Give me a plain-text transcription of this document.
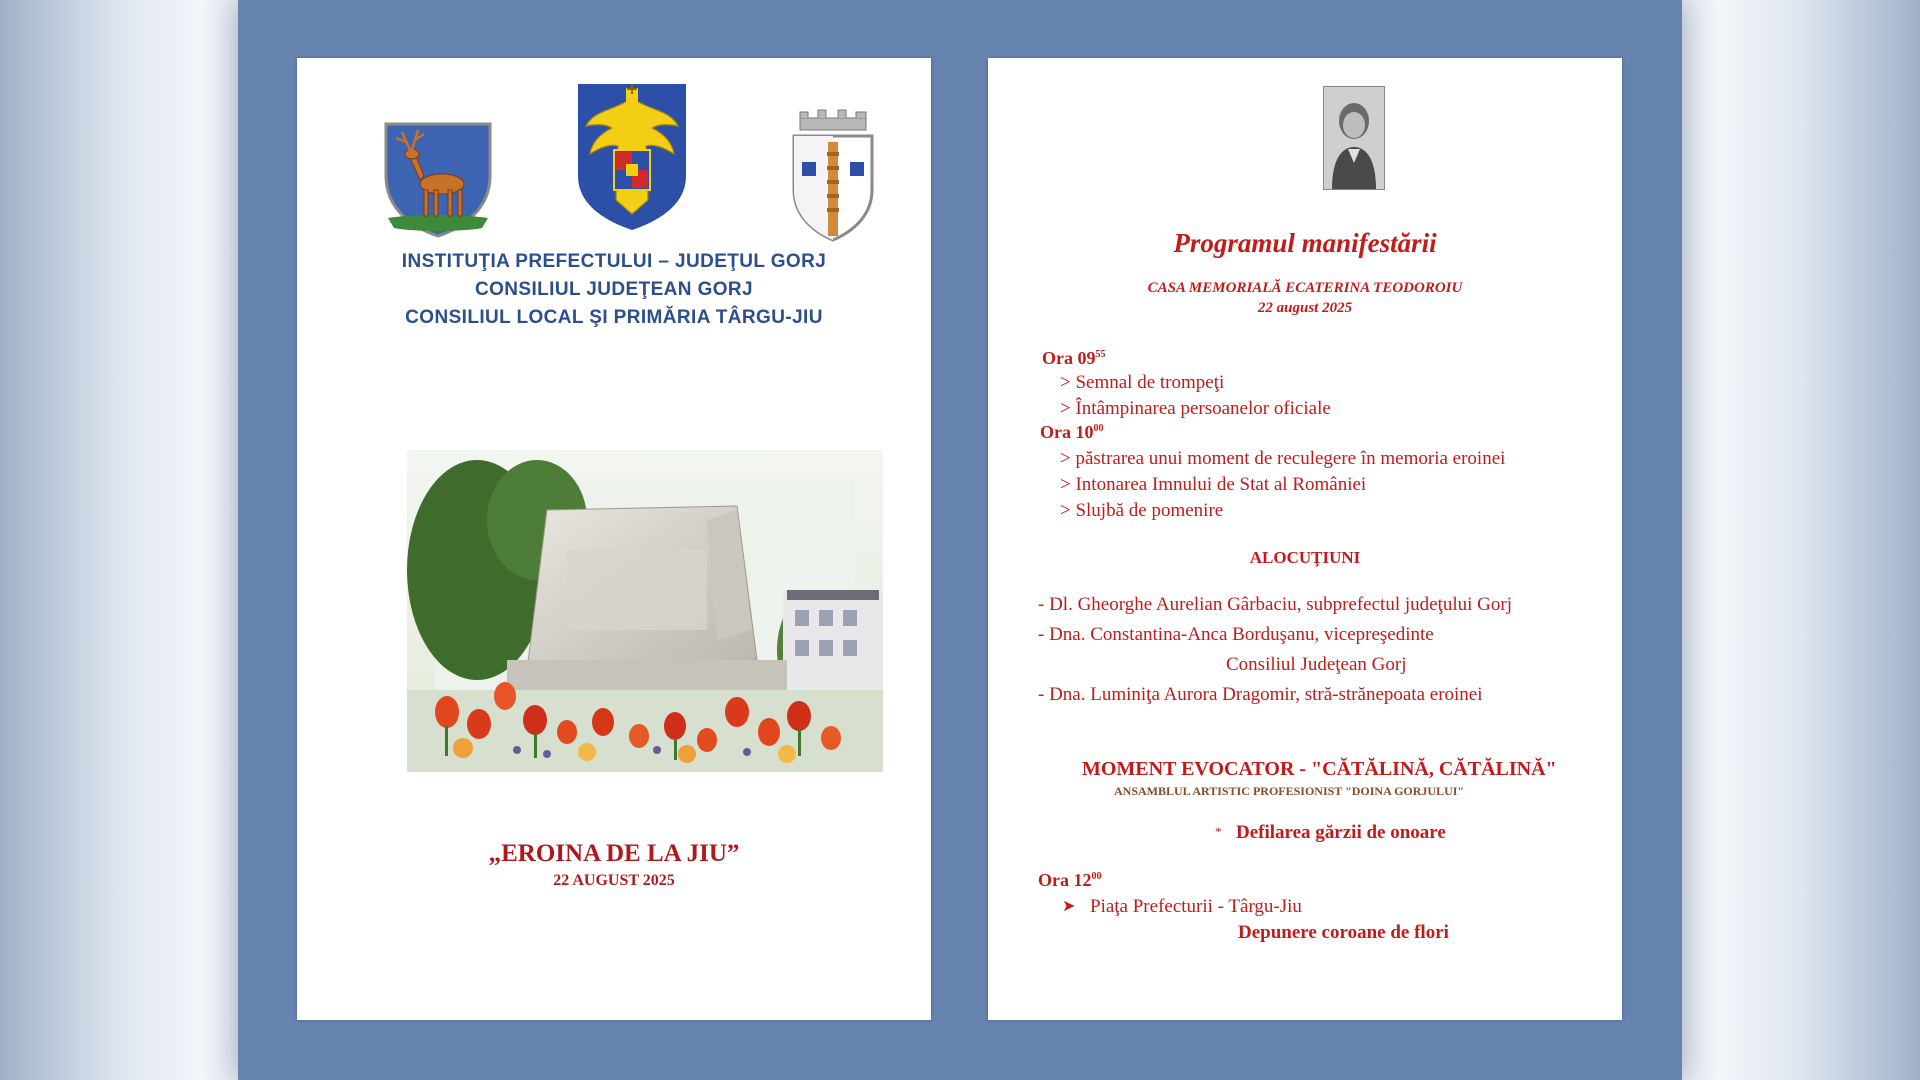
INSTITUŢIA PREFECTULUI – JUDEŢUL GORJ
CONSILIUL JUDEŢEAN GORJ
CONSILIUL LOCAL ŞI PRIMĂRIA TÂRGU-JIU
„EROINA DE LA JIU”
22 AUGUST 2025
Programul manifestării
CASA MEMORIALĂ ECATERINA TEODOROIU
22 august 2025
Ora $09^{55}$
> Semnal de trompeţi
> Întâmpinarea persoanelor oficiale
Ora $10^{00}$
> păstrarea unui moment de reculegere în memoria eroinei
> Intonarea Imnului de Stat al României
> Slujbă de pomenire
ALOCUŢIUNI
- Dl. Gheorghe Aurelian Gârbaciu, subprefectul judeţului Gorj
- Dna. Constantina-Anca Borduşanu, vicepreşedinte
Consiliul Judeţean Gorj
- Dna. Luminiţa Aurora Dragomir, stră-strănepoata eroinei
MOMENT EVOCATOR - "CĂTĂLINĂ, CĂTĂLINĂ"
ANSAMBLUL ARTISTIC PROFESIONIST "DOINA GORJULUI"
* Defilarea gărzii de onoare
Ora $12^{00}$
➤ Piaţa Prefecturii - Târgu-Jiu
Depunere coroane de flori
